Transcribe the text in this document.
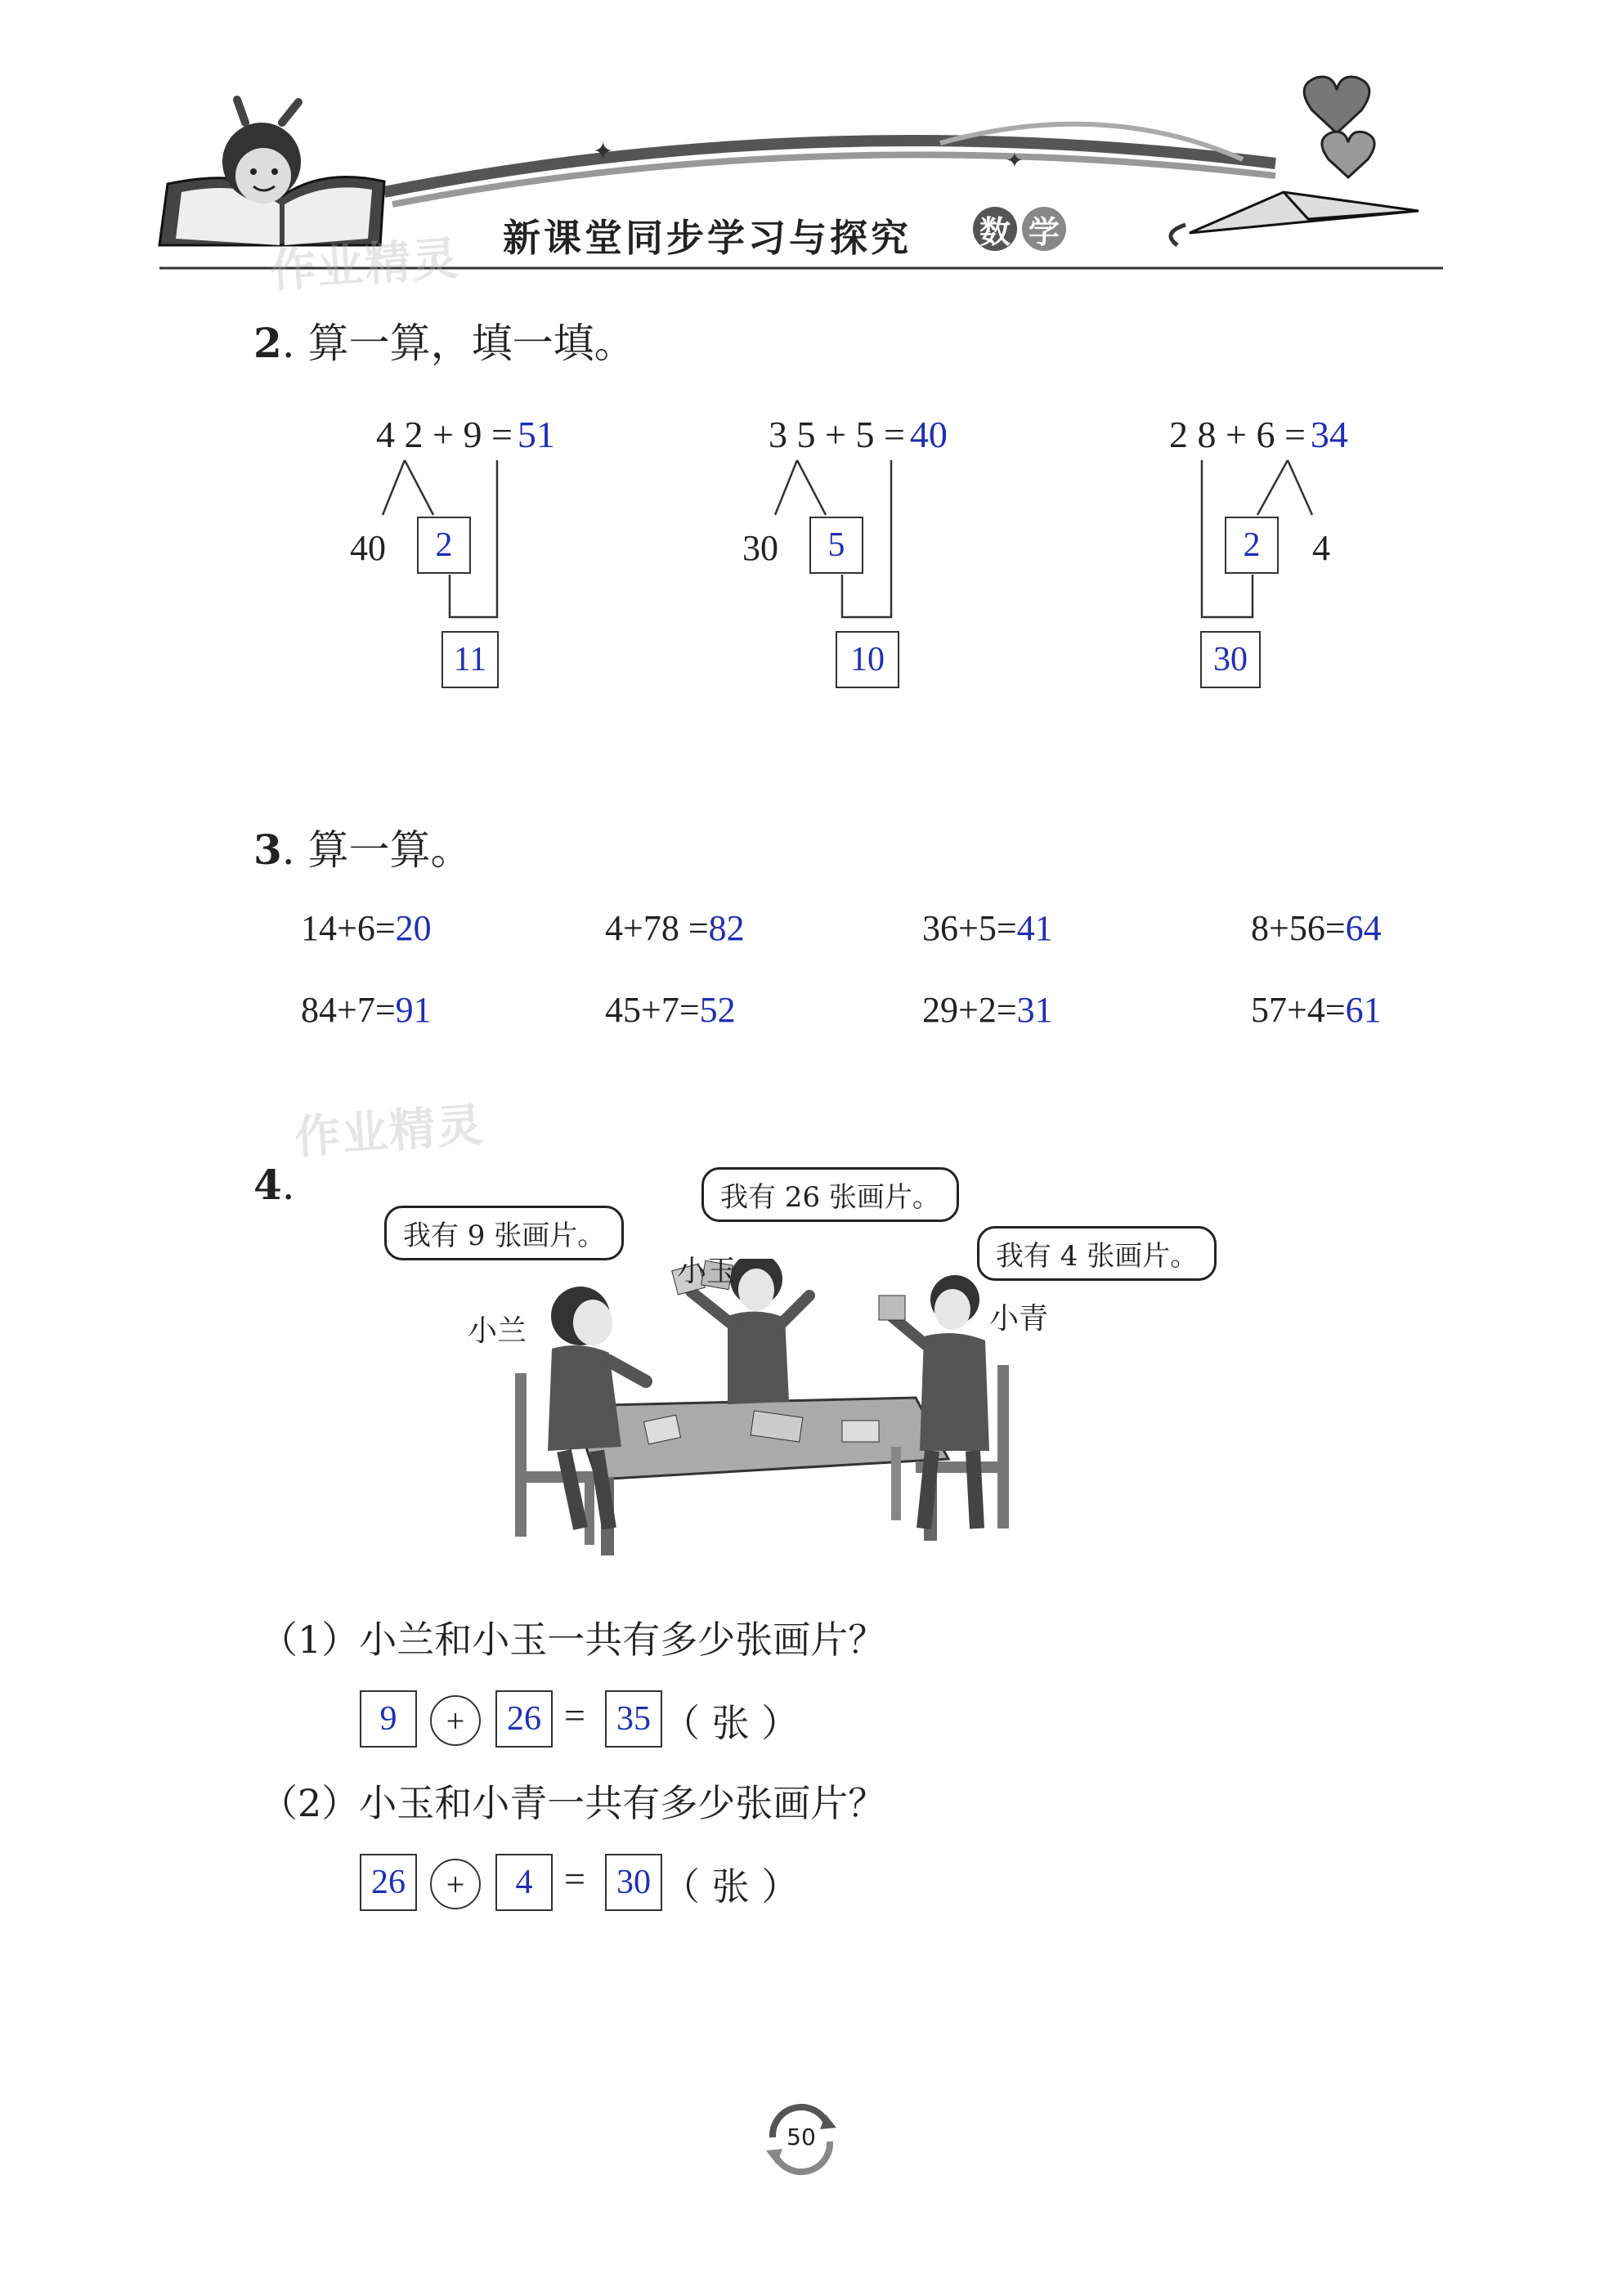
✦	✦
新课堂同步学习与探究 数 学
作业精灵
2. 算一算，填一填。
4 2 + 9 = 51
40	2
11
3 5 + 5 = 40
30	5
10
2 8 + 6 = 34
2	4
30
3. 算一算。
14+6=20	4+78 =82	36+5=41	8+56=64
84+7=91	45+7=52	29+2=31	57+4=61
作业精灵
4.
我有 9 张画片。
我有 26 张画片。
我有 4 张画片。
小兰
小玉
小青
（1）小兰和小玉一共有多少张画片？
9	+	26 = 35 （ 张 ）
（2）小玉和小青一共有多少张画片？
26	+	4 = 30 （ 张 ）
50
